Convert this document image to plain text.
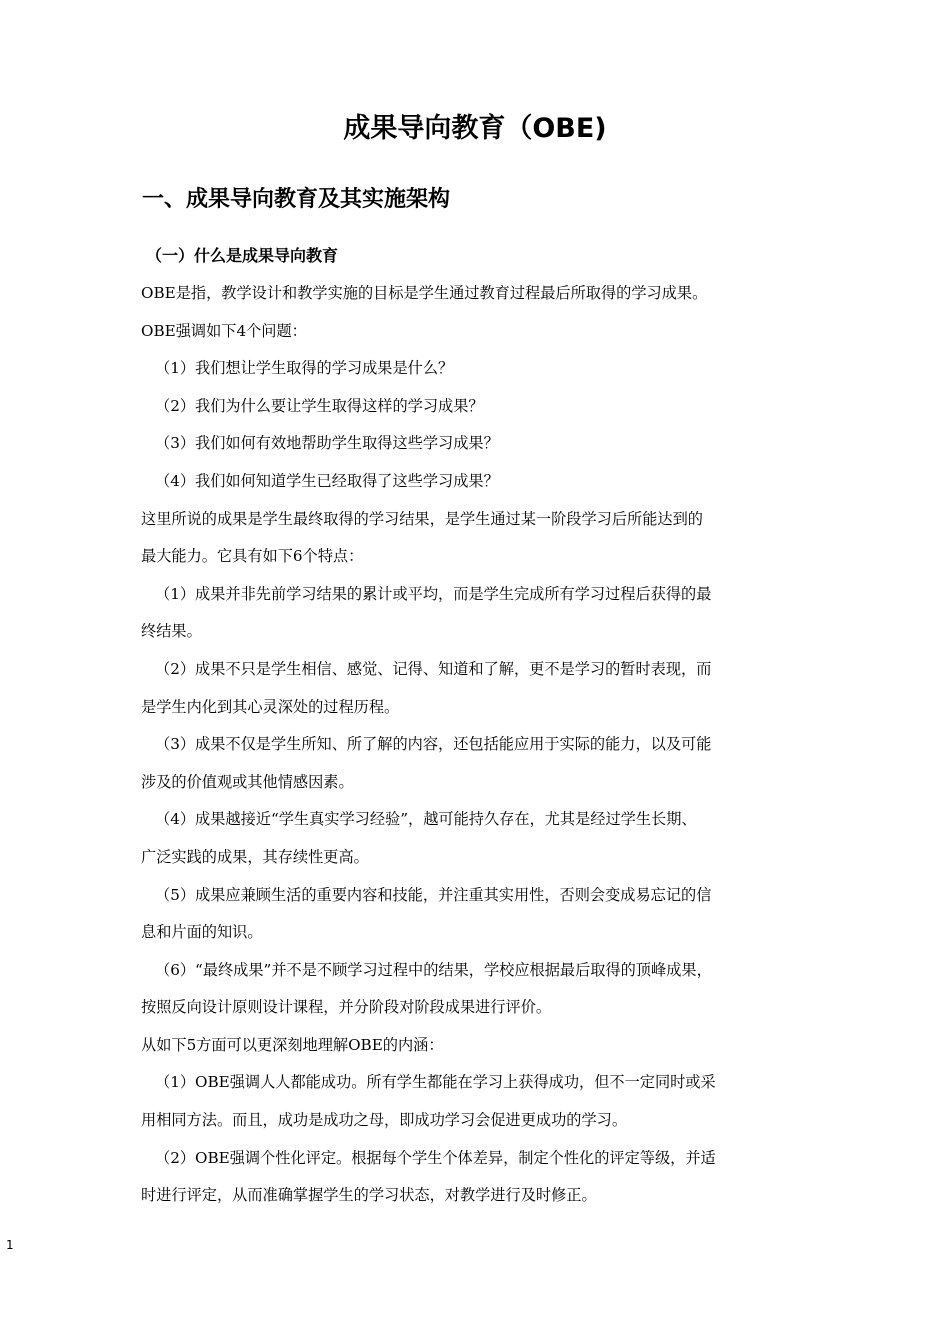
成果导向教育（OBE)
一、成果导向教育及其实施架构
（一）什么是成果导向教育

OBE是指，教学设计和教学实施的目标是学生通过教育过程最后所取得的学习成果。

OBE强调如下4个问题：

（1）我们想让学生取得的学习成果是什么？

（2）我们为什么要让学生取得这样的学习成果？

（3）我们如何有效地帮助学生取得这些学习成果？

（4）我们如何知道学生已经取得了这些学习成果？

这里所说的成果是学生最终取得的学习结果，是学生通过某一阶段学习后所能达到的

最大能力。它具有如下6个特点：

（1）成果并非先前学习结果的累计或平均，而是学生完成所有学习过程后获得的最

终结果。

（2）成果不只是学生相信、感觉、记得、知道和了解，更不是学习的暂时表现，而

是学生内化到其心灵深处的过程历程。

（3）成果不仅是学生所知、所了解的内容，还包括能应用于实际的能力，以及可能

涉及的价值观或其他情感因素。

（4）成果越接近“学生真实学习经验”，越可能持久存在，尤其是经过学生长期、

广泛实践的成果，其存续性更高。

（5）成果应兼顾生活的重要内容和技能，并注重其实用性，否则会变成易忘记的信

息和片面的知识。

（6）“最终成果”并不是不顾学习过程中的结果，学校应根据最后取得的顶峰成果，

按照反向设计原则设计课程，并分阶段对阶段成果进行评价。

从如下5方面可以更深刻地理解OBE的内涵：

（1）OBE强调人人都能成功。所有学生都能在学习上获得成功，但不一定同时或采

用相同方法。而且，成功是成功之母，即成功学习会促进更成功的学习。

（2）OBE强调个性化评定。根据每个学生个体差异，制定个性化的评定等级，并适

时进行评定，从而准确掌握学生的学习状态，对教学进行及时修正。

1
